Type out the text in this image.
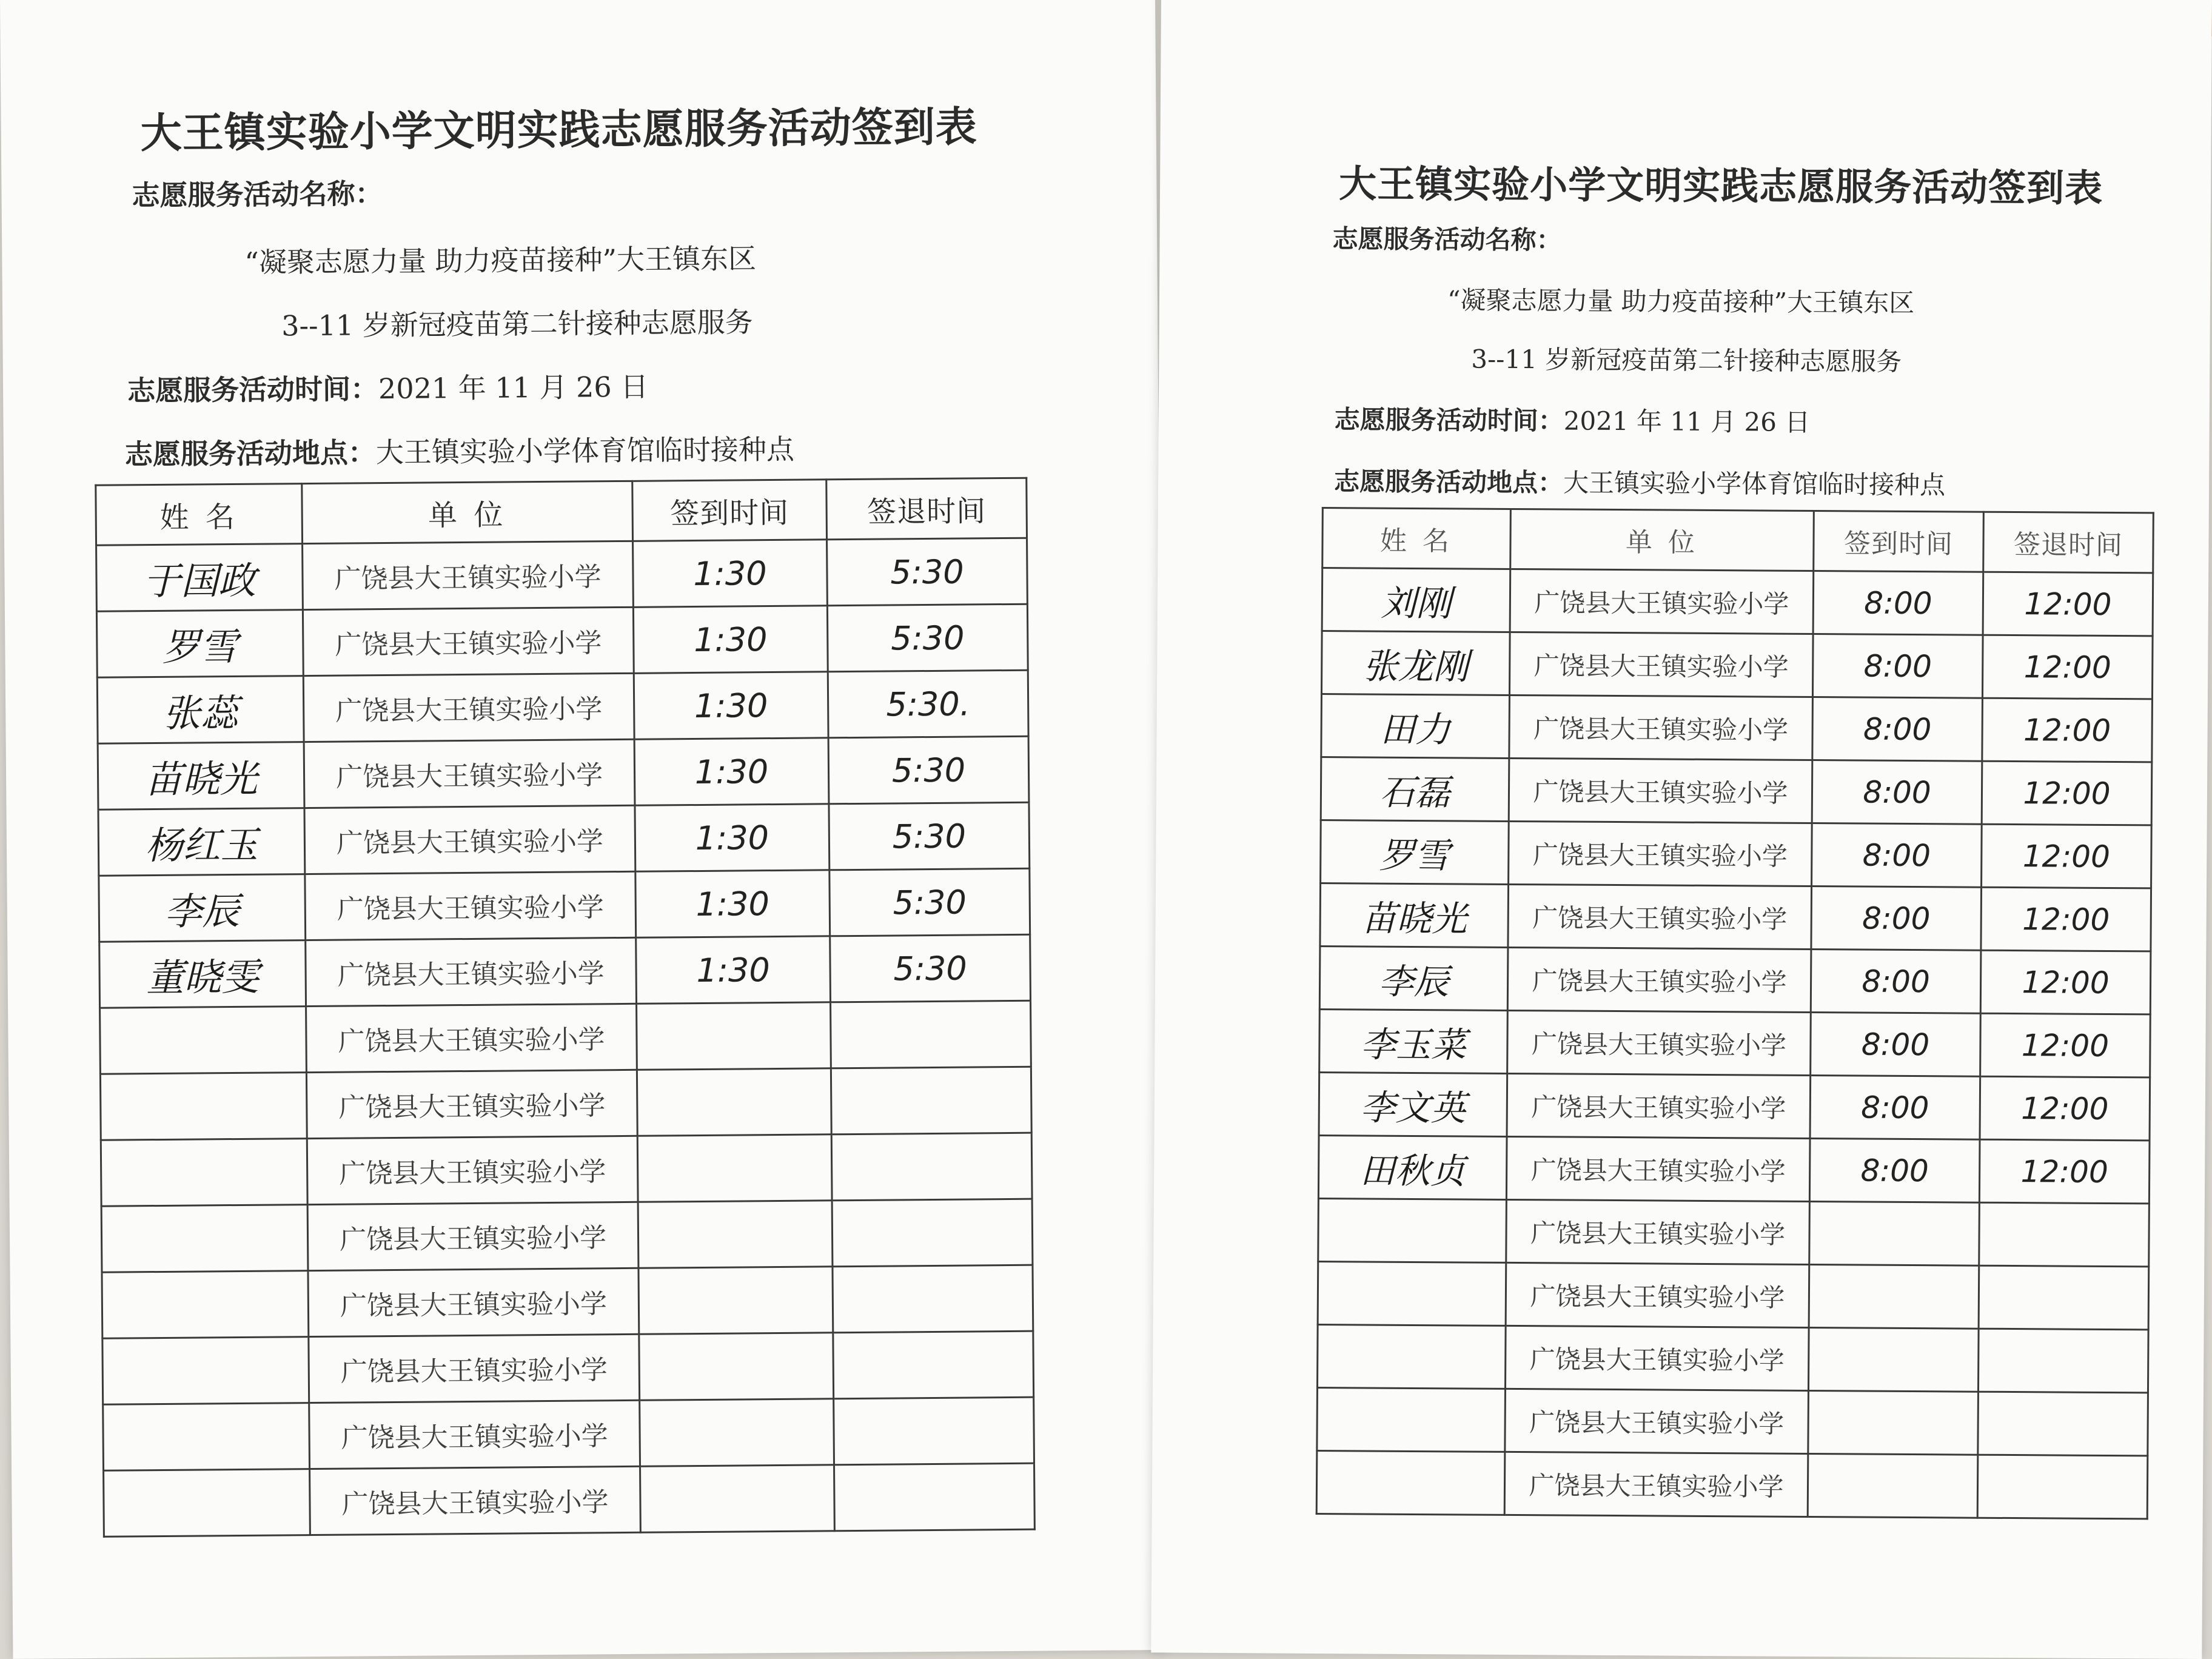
大王镇实验小学文明实践志愿服务活动签到表
志愿服务活动名称：
“凝聚志愿力量 助力疫苗接种”大王镇东区
3--11 岁新冠疫苗第二针接种志愿服务
志愿服务活动时间：2021 年 11 月 26 日
志愿服务活动地点：大王镇实验小学体育馆临时接种点
姓 名	单 位	签到时间	签退时间
于国政	广饶县大王镇实验小学	1:30	5:30
罗雪	广饶县大王镇实验小学	1:30	5:30
张蕊	广饶县大王镇实验小学	1:30	5:30.
苗晓光	广饶县大王镇实验小学	1:30	5:30
杨红玉	广饶县大王镇实验小学	1:30	5:30
李辰	广饶县大王镇实验小学	1:30	5:30
董晓雯	广饶县大王镇实验小学	1:30	5:30
	广饶县大王镇实验小学		
	广饶县大王镇实验小学		
	广饶县大王镇实验小学		
	广饶县大王镇实验小学		
	广饶县大王镇实验小学		
	广饶县大王镇实验小学		
	广饶县大王镇实验小学		
	广饶县大王镇实验小学		
大王镇实验小学文明实践志愿服务活动签到表
志愿服务活动名称：
“凝聚志愿力量 助力疫苗接种”大王镇东区
3--11 岁新冠疫苗第二针接种志愿服务
志愿服务活动时间：2021 年 11 月 26 日
志愿服务活动地点：大王镇实验小学体育馆临时接种点
姓 名	单 位	签到时间	签退时间
刘刚	广饶县大王镇实验小学	8:00	12:00
张龙刚	广饶县大王镇实验小学	8:00	12:00
田力	广饶县大王镇实验小学	8:00	12:00
石磊	广饶县大王镇实验小学	8:00	12:00
罗雪	广饶县大王镇实验小学	8:00	12:00
苗晓光	广饶县大王镇实验小学	8:00	12:00
李辰	广饶县大王镇实验小学	8:00	12:00
李玉菜	广饶县大王镇实验小学	8:00	12:00
李文英	广饶县大王镇实验小学	8:00	12:00
田秋贞	广饶县大王镇实验小学	8:00	12:00
	广饶县大王镇实验小学		
	广饶县大王镇实验小学		
	广饶县大王镇实验小学		
	广饶县大王镇实验小学		
	广饶县大王镇实验小学		
